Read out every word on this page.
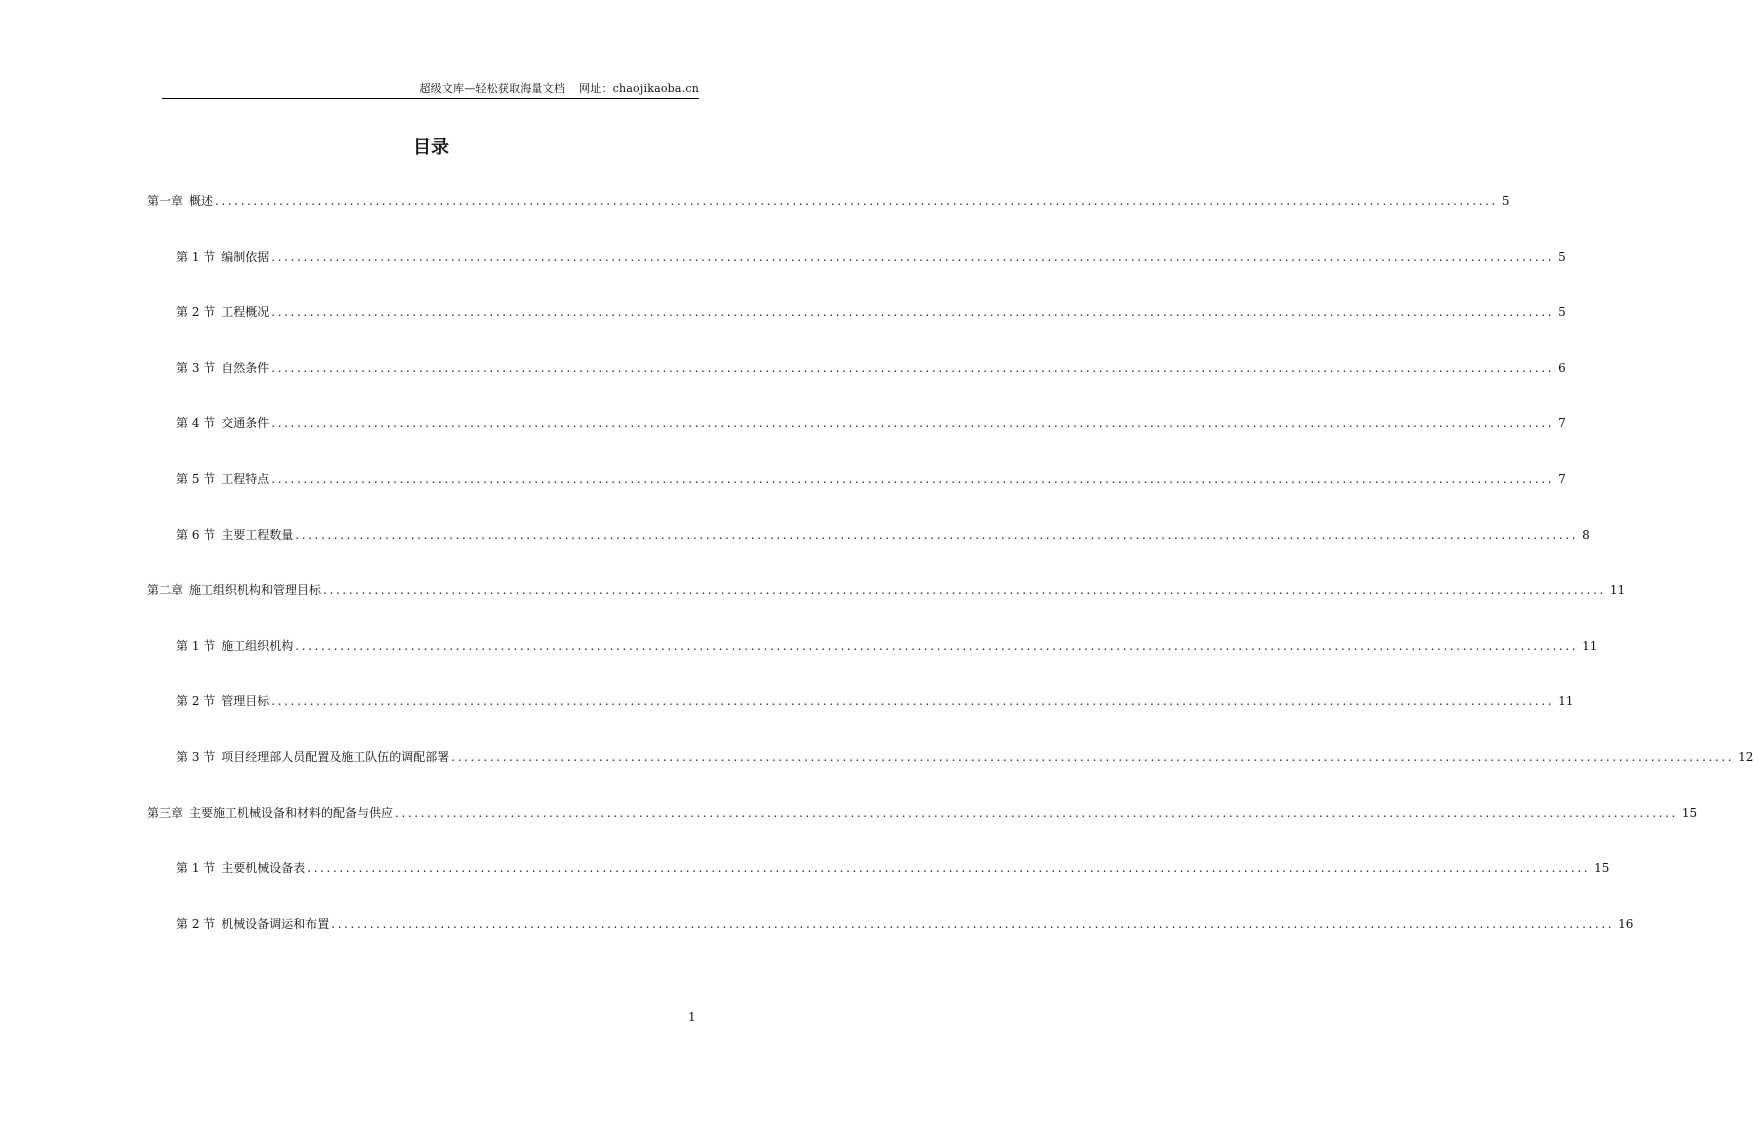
超级文库—轻松获取海量文档 网址：chaojikaoba.cn
目录
第一章 概述 ........................................................................................................................................................................................................ 5
第 1 节 编制依据 ........................................................................................................................................................................................................ 5
第 2 节 工程概况 ........................................................................................................................................................................................................ 5
第 3 节 自然条件 ........................................................................................................................................................................................................ 6
第 4 节 交通条件 ........................................................................................................................................................................................................ 7
第 5 节 工程特点 ........................................................................................................................................................................................................ 7
第 6 节 主要工程数量 ........................................................................................................................................................................................................ 8
第二章 施工组织机构和管理目标 ........................................................................................................................................................................................................ 11
第 1 节 施工组织机构 ........................................................................................................................................................................................................ 11
第 2 节 管理目标 ........................................................................................................................................................................................................ 11
第 3 节 项目经理部人员配置及施工队伍的调配部署 ........................................................................................................................................................................................................ 12
第三章 主要施工机械设备和材料的配备与供应 ........................................................................................................................................................................................................ 15
第 1 节 主要机械设备表 ........................................................................................................................................................................................................ 15
第 2 节 机械设备调运和布置 ........................................................................................................................................................................................................ 16
1
